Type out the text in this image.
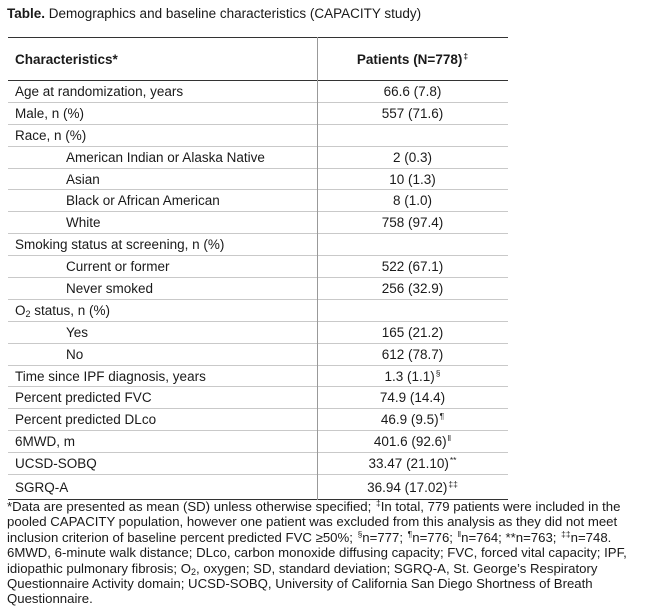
Table. Demographics and baseline characteristics (CAPACITY study)
Characteristics*	Patients (N=778)‡
Age at randomization, years	66.6 (7.8)
Male, n (%)	557 (71.6)
Race, n (%)	
American Indian or Alaska Native	2 (0.3)
Asian	10 (1.3)
Black or African American	8 (1.0)
White	758 (97.4)
Smoking status at screening, n (%)	
Current or former	522 (67.1)
Never smoked	256 (32.9)
$O_2$ status, n (%)	
Yes	165 (21.2)
No	612 (78.7)
Time since IPF diagnosis, years	1.3 (1.1)§
Percent predicted FVC	74.9 (14.4)
Percent predicted DLco	46.9 (9.5)¶
6MWD, m	401.6 (92.6)‖
UCSD-SOBQ	33.47 (21.10)**
SGRQ-A	36.94 (17.02)‡‡
*Data are presented as mean (SD) unless otherwise specified; ‡In total, 779 patients were included in the pooled CAPACITY population, however one patient was excluded from this analysis as they did not meet inclusion criterion of baseline percent predicted FVC ≥50%; §n=777; ¶n=776; ‖n=764; **n=763; ‡‡n=748. 6MWD, 6-minute walk distance; DLco, carbon monoxide diffusing capacity; FVC, forced vital capacity; IPF, idiopathic pulmonary fibrosis; $O_2$, oxygen; SD, standard deviation; SGRQ-A, St. George’s Respiratory Questionnaire Activity domain; UCSD-SOBQ, University of California San Diego Shortness of Breath Questionnaire.
